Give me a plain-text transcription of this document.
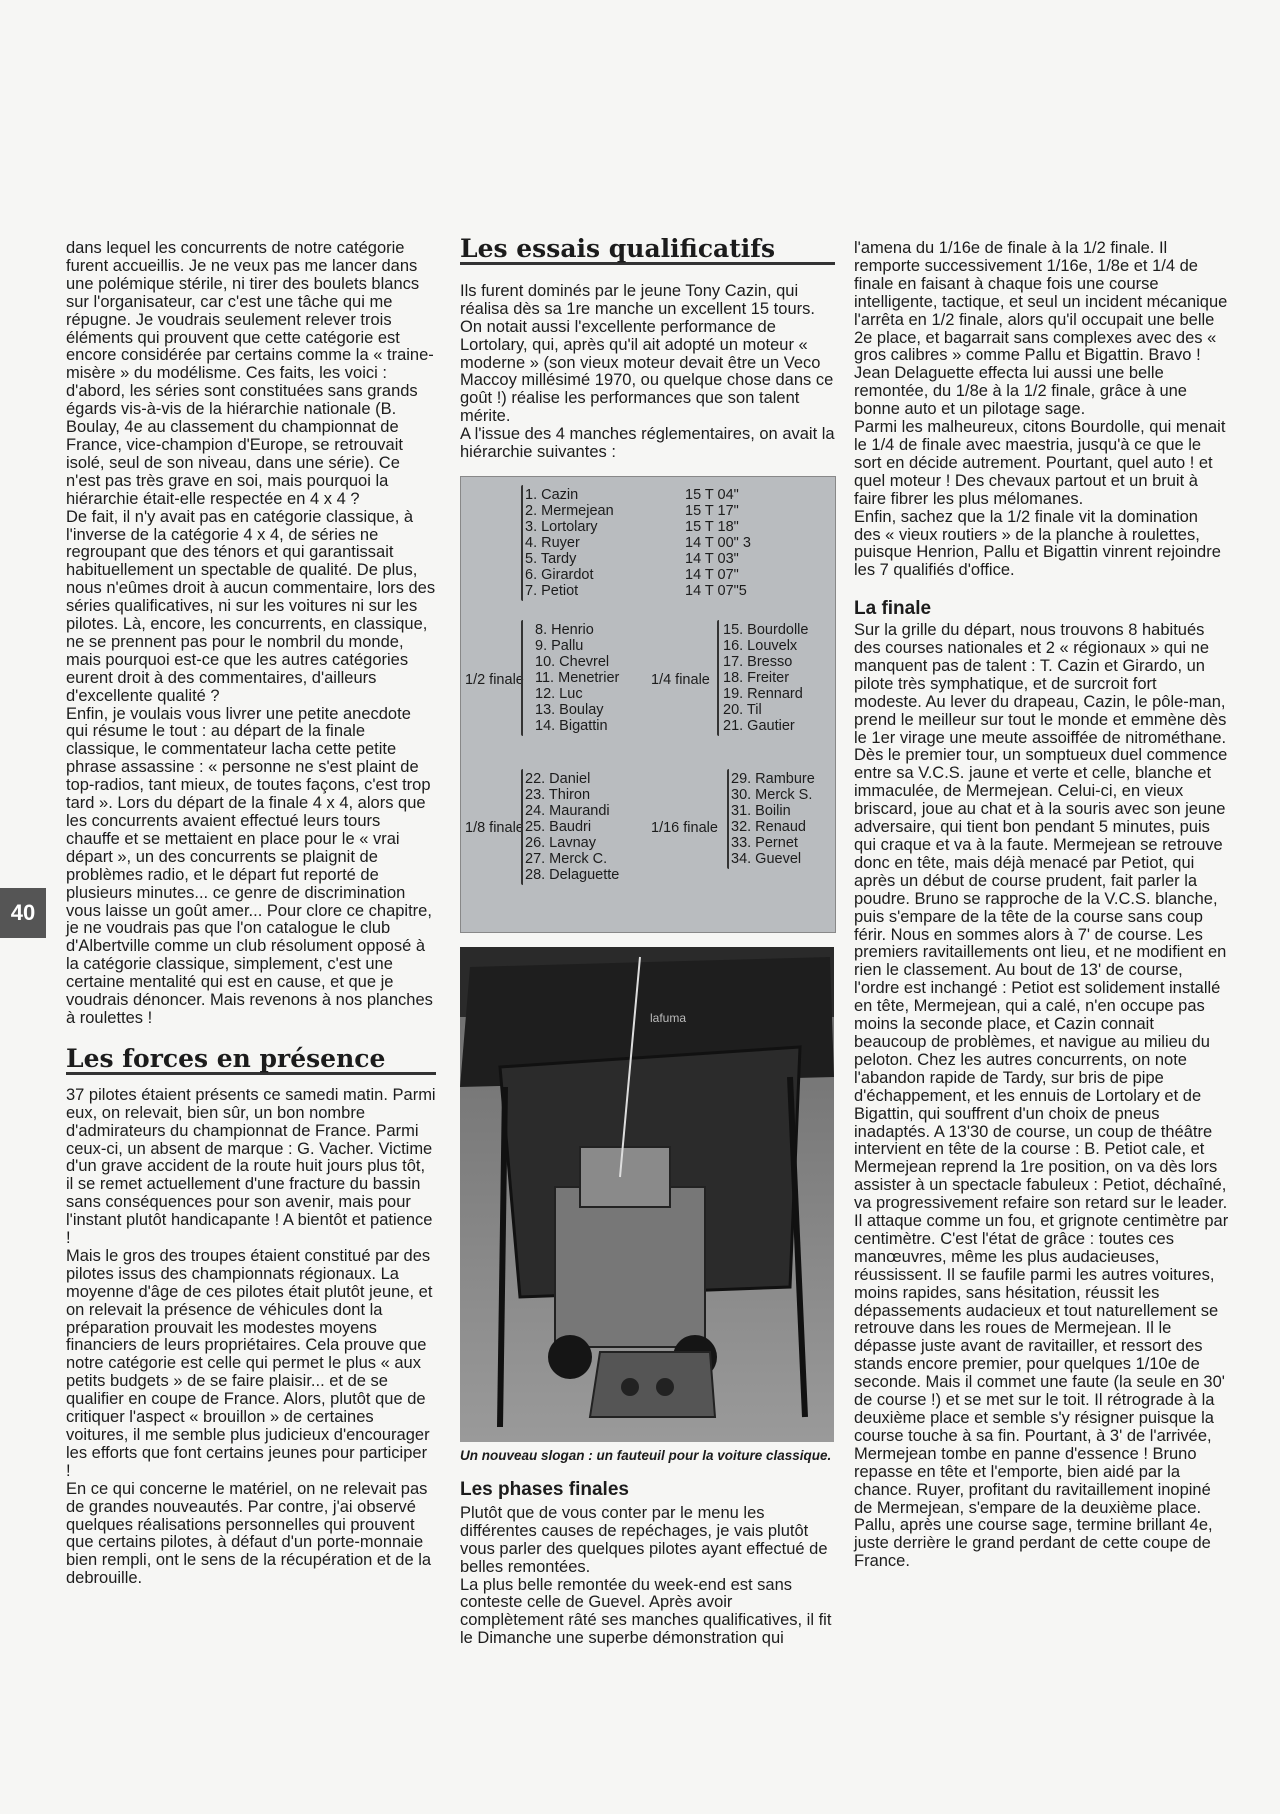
40

dans lequel les concurrents de notre catégorie furent accueillis. Je ne veux pas me lancer dans une polémique stérile, ni tirer des boulets blancs sur l'organisateur, car c'est une tâche qui me répugne. Je voudrais seulement relever trois éléments qui prouvent que cette catégorie est encore considérée par certains comme la « traine-misère » du modélisme. Ces faits, les voici : d'abord, les séries sont constituées sans grands égards vis-à-vis de la hiérarchie nationale (B. Boulay, 4e au classement du championnat de France, vice-champion d'Europe, se retrouvait isolé, seul de son niveau, dans une série). Ce n'est pas très grave en soi, mais pourquoi la hiérarchie était-elle respectée en 4 x 4 ?

De fait, il n'y avait pas en catégorie classique, à l'inverse de la catégorie 4 x 4, de séries ne regroupant que des ténors et qui garantissait habituellement un spectable de qualité. De plus, nous n'eûmes droit à aucun commentaire, lors des séries qualificatives, ni sur les voitures ni sur les pilotes. Là, encore, les concurrents, en classique, ne se prennent pas pour le nombril du monde, mais pourquoi est-ce que les autres catégories eurent droit à des commentaires, d'ailleurs d'excellente qualité ?

Enfin, je voulais vous livrer une petite anecdote qui résume le tout : au départ de la finale classique, le commentateur lacha cette petite phrase assassine : « personne ne s'est plaint de top-radios, tant mieux, de toutes façons, c'est trop tard ». Lors du départ de la finale 4 x 4, alors que les concurrents avaient effectué leurs tours chauffe et se mettaient en place pour le « vrai départ », un des concurrents se plaignit de problèmes radio, et le départ fut reporté de plusieurs minutes... ce genre de discrimination vous laisse un goût amer... Pour clore ce chapitre, je ne voudrais pas que l'on catalogue le club d'Albertville comme un club résolument opposé à la catégorie classique, simplement, c'est une certaine mentalité qui est en cause, et que je voudrais dénoncer. Mais revenons à nos planches à roulettes !

Les forces en présence

37 pilotes étaient présents ce samedi matin. Parmi eux, on relevait, bien sûr, un bon nombre d'admirateurs du championnat de France. Parmi ceux-ci, un absent de marque : G. Vacher. Victime d'un grave accident de la route huit jours plus tôt, il se remet actuellement d'une fracture du bassin sans conséquences pour son avenir, mais pour l'instant plutôt handicapante ! A bientôt et patience !

Mais le gros des troupes étaient constitué par des pilotes issus des championnats régionaux. La moyenne d'âge de ces pilotes était plutôt jeune, et on relevait la présence de véhicules dont la préparation prouvait les modestes moyens financiers de leurs propriétaires. Cela prouve que notre catégorie est celle qui permet le plus « aux petits budgets » de se faire plaisir... et de se qualifier en coupe de France. Alors, plutôt que de critiquer l'aspect « brouillon » de certaines voitures, il me semble plus judicieux d'encourager les efforts que font certains jeunes pour participer !

En ce qui concerne le matériel, on ne relevait pas de grandes nouveautés. Par contre, j'ai observé quelques réalisations personnelles qui prouvent que certains pilotes, à défaut d'un porte-monnaie bien rempli, ont le sens de la récupération et de la debrouille.

Les essais qualificatifs

Ils furent dominés par le jeune Tony Cazin, qui réalisa dès sa 1re manche un excellent 15 tours. On notait aussi l'excellente performance de Lortolary, qui, après qu'il ait adopté un moteur « moderne » (son vieux moteur devait être un Veco Maccoy millésimé 1970, ou quelque chose dans ce goût !) réalise les performances que son talent mérite.

A l'issue des 4 manches réglementaires, on avait la hiérarchie suivantes :

1. Cazin	15 T 04"
2. Mermejean	15 T 17"
3. Lortolary	15 T 18"
4. Ruyer	14 T 00" 3
5. Tardy	14 T 03"
6. Girardot	14 T 07"
7. Petiot	14 T 07"5
1/2 finale
8. Henrio
9. Pallu
10. Chevrel
11. Menetrier
12. Luc
13. Boulay
14. Bigattin
1/4 finale
15. Bourdolle
16. Louvelx
17. Bresso
18. Freiter
19. Rennard
20. Til
21. Gautier
1/8 finale
22. Daniel
23. Thiron
24. Maurandi
25. Baudri
26. Lavnay
27. Merck C.
28. Delaguette
1/16 finale
29. Rambure
30. Merck S.
31. Boilin
32. Renaud
33. Pernet
34. Guevel
lafuma
Un nouveau slogan : un fauteuil pour la voiture classique.
Les phases finales

Plutôt que de vous conter par le menu les différentes causes de repéchages, je vais plutôt vous parler des quelques pilotes ayant effectué de belles remontées.

La plus belle remontée du week-end est sans conteste celle de Guevel. Après avoir complètement râté ses manches qualificatives, il fit le Dimanche une superbe démonstration qui

l'amena du 1/16e de finale à la 1/2 finale. Il remporte successivement 1/16e, 1/8e et 1/4 de finale en faisant à chaque fois une course intelligente, tactique, et seul un incident mécanique l'arrêta en 1/2 finale, alors qu'il occupait une belle 2e place, et bagarrait sans complexes avec des « gros calibres » comme Pallu et Bigattin. Bravo !

Jean Delaguette effecta lui aussi une belle remontée, du 1/8e à la 1/2 finale, grâce à une bonne auto et un pilotage sage.

Parmi les malheureux, citons Bourdolle, qui menait le 1/4 de finale avec maestria, jusqu'à ce que le sort en décide autrement. Pourtant, quel auto ! et quel moteur ! Des chevaux partout et un bruit à faire fibrer les plus mélomanes.

Enfin, sachez que la 1/2 finale vit la domination des « vieux routiers » de la planche à roulettes, puisque Henrion, Pallu et Bigattin vinrent rejoindre les 7 qualifiés d'office.

La finale

Sur la grille du départ, nous trouvons 8 habitués des courses nationales et 2 « régionaux » qui ne manquent pas de talent : T. Cazin et Girardo, un pilote très symphatique, et de surcroit fort modeste. Au lever du drapeau, Cazin, le pôle-man, prend le meilleur sur tout le monde et emmène dès le 1er virage une meute assoiffée de nitrométhane. Dès le premier tour, un somptueux duel commence entre sa V.C.S. jaune et verte et celle, blanche et immaculée, de Mermejean. Celui-ci, en vieux briscard, joue au chat et à la souris avec son jeune adversaire, qui tient bon pendant 5 minutes, puis qui craque et va à la faute. Mermejean se retrouve donc en tête, mais déjà menacé par Petiot, qui après un début de course prudent, fait parler la poudre. Bruno se rapproche de la V.C.S. blanche, puis s'empare de la tête de la course sans coup férir. Nous en sommes alors à 7' de course. Les premiers ravitaillements ont lieu, et ne modifient en rien le classement. Au bout de 13' de course, l'ordre est inchangé : Petiot est solidement installé en tête, Mermejean, qui a calé, n'en occupe pas moins la seconde place, et Cazin connait beaucoup de problèmes, et navigue au milieu du peloton. Chez les autres concurrents, on note l'abandon rapide de Tardy, sur bris de pipe d'échappement, et les ennuis de Lortolary et de Bigattin, qui souffrent d'un choix de pneus inadaptés. A 13'30 de course, un coup de théâtre intervient en tête de la course : B. Petiot cale, et Mermejean reprend la 1re position, on va dès lors assister à un spectacle fabuleux : Petiot, déchaîné, va progressivement refaire son retard sur le leader. Il attaque comme un fou, et grignote centimètre par centimètre. C'est l'état de grâce : toutes ces manœuvres, même les plus audacieuses, réussissent. Il se faufile parmi les autres voitures, moins rapides, sans hésitation, réussit les dépassements audacieux et tout naturellement se retrouve dans les roues de Mermejean. Il le dépasse juste avant de ravitailler, et ressort des stands encore premier, pour quelques 1/10e de seconde. Mais il commet une faute (la seule en 30' de course !) et se met sur le toit. Il rétrograde à la deuxième place et semble s'y résigner puisque la course touche à sa fin. Pourtant, à 3' de l'arrivée, Mermejean tombe en panne d'essence ! Bruno repasse en tête et l'emporte, bien aidé par la chance. Ruyer, profitant du ravitaillement inopiné de Mermejean, s'empare de la deuxième place. Pallu, après une course sage, termine brillant 4e, juste derrière le grand perdant de cette coupe de France.
